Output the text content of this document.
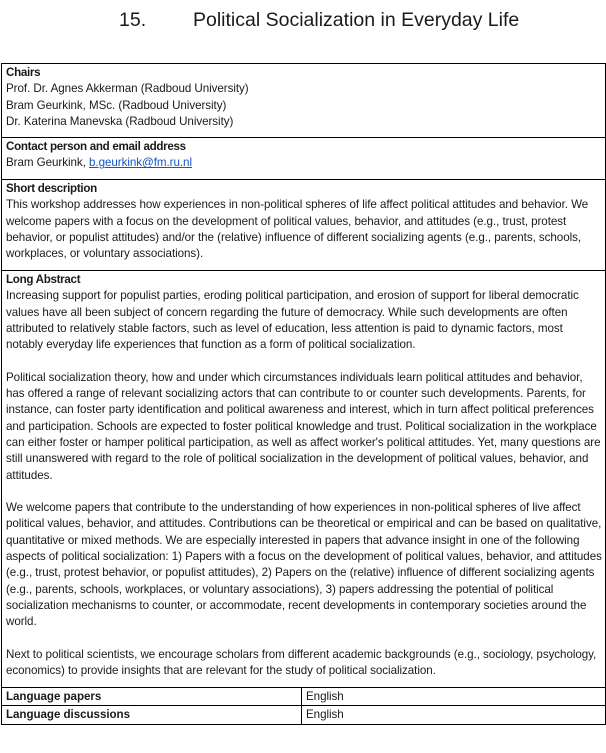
15. Political Socialization in Everyday Life
Chairs
Prof. Dr. Agnes Akkerman (Radboud University)
Bram Geurkink, MSc. (Radboud University)
Dr. Katerina Manevska (Radboud University)	

Contact person and email address
Bram Geurkink, b.geurkink@fm.ru.nl	

Short description
This workshop addresses how experiences in non-political spheres of life affect political attitudes and behavior. We welcome papers with a focus on the development of political values, behavior, and attitudes (e.g., trust, protest behavior, or populist attitudes) and/or the (relative) influence of different socializing agents (e.g., parents, schools, workplaces, or voluntary associations).	

Long Abstract
Increasing support for populist parties, eroding political participation, and erosion of support for liberal democratic values have all been subject of concern regarding the future of democracy. While such developments are often attributed to relatively stable factors, such as level of education, less attention is paid to dynamic factors, most notably everyday life experiences that function as a form of political socialization.
Political socialization theory, how and under which circumstances individuals learn political attitudes and behavior, has offered a range of relevant socializing actors that can contribute to or counter such developments. Parents, for instance, can foster party identification and political awareness and interest, which in turn affect political preferences and participation. Schools are expected to foster political knowledge and trust. Political socialization in the workplace can either foster or hamper political participation, as well as affect worker's political attitudes. Yet, many questions are still unanswered with regard to the role of political socialization in the development of political values, behavior, and attitudes.
We welcome papers that contribute to the understanding of how experiences in non-political spheres of live affect political values, behavior, and attitudes. Contributions can be theoretical or empirical and can be based on qualitative, quantitative or mixed methods. We are especially interested in papers that advance insight in one of the following aspects of political socialization: 1) Papers with a focus on the development of political values, behavior, and attitudes (e.g., trust, protest behavior, or populist attitudes), 2) Papers on the (relative) influence of different socializing agents (e.g., parents, schools, workplaces, or voluntary associations), 3) papers addressing the potential of political socialization mechanisms to counter, or accommodate, recent developments in contemporary societies around the world.
Next to political scientists, we encourage scholars from different academic backgrounds (e.g., sociology, psychology, economics) to provide insights that are relevant for the study of political socialization.	

Language papers	English
Language discussions	English
